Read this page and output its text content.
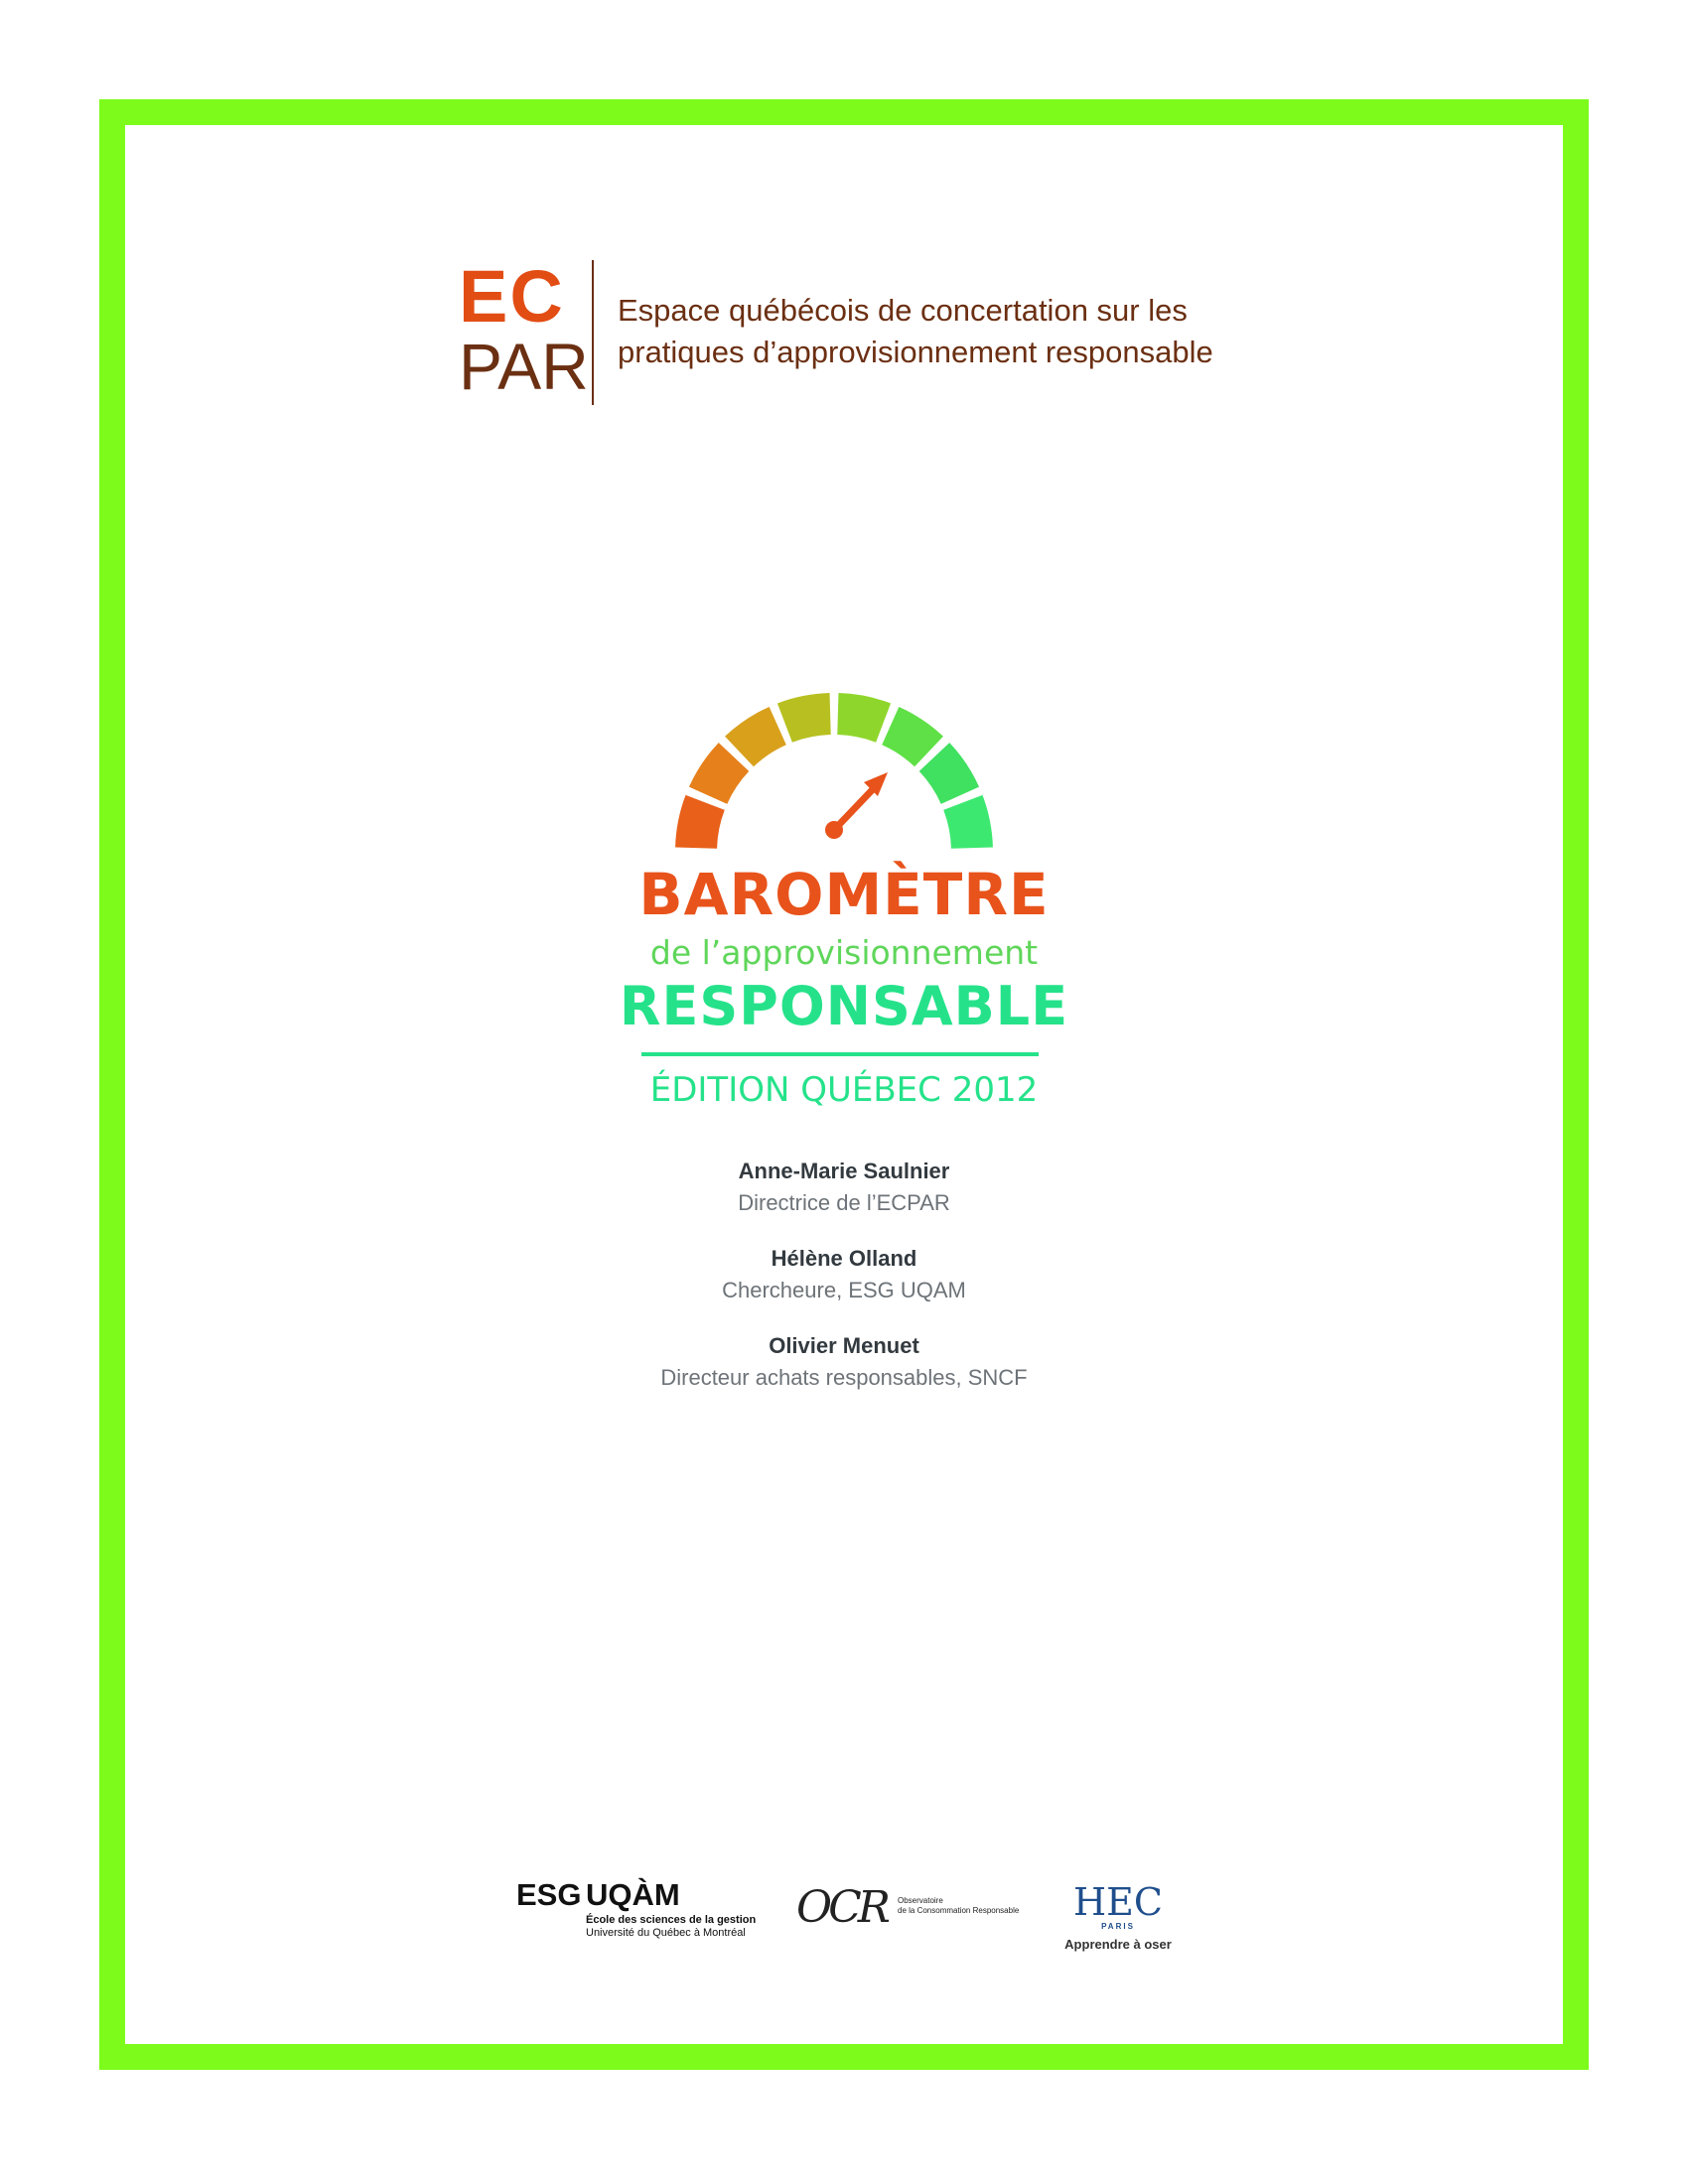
EC
PAR
Espace québécois de concertation sur les
pratiques d’approvisionnement responsable
BAROMÈTRE
de l’approvisionnement
RESPONSABLE
ÉDITION QUÉBEC 2012
Anne-Marie Saulnier
Directrice de l’ECPAR
Hélène Olland
Chercheure, ESG UQAM
Olivier Menuet
Directeur achats responsables, SNCF
ESG UQÀM
École des sciences de la gestion
Université du Québec à Montréal OCR Observatoire
de la Consommation Responsable	HEC
PARIS
Apprendre à oser
